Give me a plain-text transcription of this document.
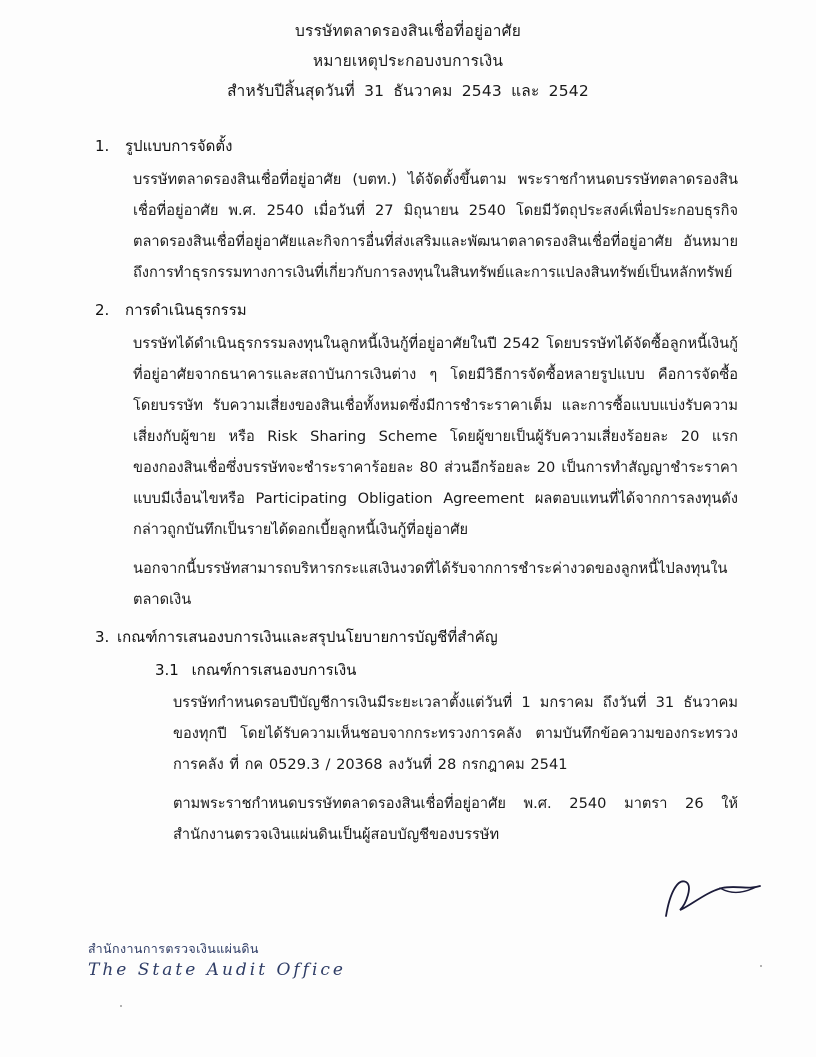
บรรษัทตลาดรองสินเชื่อที่อยู่อาศัย
หมายเหตุประกอบงบการเงิน
สำหรับปีสิ้นสุดวันที่ 31 ธันวาคม 2543 และ 2542
1.	รูปแบบการจัดตั้ง

บรรษัทตลาดรองสินเชื่อที่อยู่อาศัย (บตท.) ได้จัดตั้งขึ้นตาม พระราชกำหนดบรรษัทตลาดรองสินเชื่อที่อยู่อาศัย พ.ศ. 2540 เมื่อวันที่ 27 มิถุนายน 2540 โดยมีวัตถุประสงค์เพื่อประกอบธุรกิจตลาดรองสินเชื่อที่อยู่อาศัยและกิจการอื่นที่ส่งเสริมและพัฒนาตลาดรองสินเชื่อที่อยู่อาศัย อันหมายถึงการทำธุรกรรมทางการเงินที่เกี่ยวกับการลงทุนในสินทรัพย์และการแปลงสินทรัพย์เป็นหลักทรัพย์

2.	การดำเนินธุรกรรม

บรรษัทได้ดำเนินธุรกรรมลงทุนในลูกหนี้เงินกู้ที่อยู่อาศัยในปี 2542 โดยบรรษัทได้จัดซื้อลูกหนี้เงินกู้ที่อยู่อาศัยจากธนาคารและสถาบันการเงินต่าง ๆ โดยมีวิธีการจัดซื้อหลายรูปแบบ คือการจัดซื้อโดยบรรษัท รับความเสี่ยงของสินเชื่อทั้งหมดซึ่งมีการชำระราคาเต็ม และการซื้อแบบแบ่งรับความเสี่ยงกับผู้ขาย หรือ Risk Sharing Scheme โดยผู้ขายเป็นผู้รับความเสี่ยงร้อยละ 20 แรกของกองสินเชื่อซึ่งบรรษัทจะชำระราคาร้อยละ 80 ส่วนอีกร้อยละ 20 เป็นการทำสัญญาชำระราคาแบบมีเงื่อนไขหรือ Participating Obligation Agreement ผลตอบแทนที่ได้จากการลงทุนดังกล่าวถูกบันทึกเป็นรายได้ดอกเบี้ยลูกหนี้เงินกู้ที่อยู่อาศัย

นอกจากนี้บรรษัทสามารถบริหารกระแสเงินงวดที่ได้รับจากการชำระค่างวดของลูกหนี้ไปลงทุนในตลาดเงิน

3. เกณฑ์การเสนองบการเงินและสรุปนโยบายการบัญชีที่สำคัญ
3.1 เกณฑ์การเสนองบการเงิน

บรรษัทกำหนดรอบปีบัญชีการเงินมีระยะเวลาตั้งแต่วันที่ 1 มกราคม ถึงวันที่ 31 ธันวาคมของทุกปี โดยได้รับความเห็นชอบจากกระทรวงการคลัง ตามบันทึกข้อความของกระทรวงการคลัง ที่ กค 0529.3 / 20368 ลงวันที่ 28 กรกฎาคม 2541

ตามพระราชกำหนดบรรษัทตลาดรองสินเชื่อที่อยู่อาศัย พ.ศ. 2540 มาตรา 26 ให้สำนักงานตรวจเงินแผ่นดินเป็นผู้สอบบัญชีของบรรษัท

สำนักงานการตรวจเงินแผ่นดิน
The State Audit Office
